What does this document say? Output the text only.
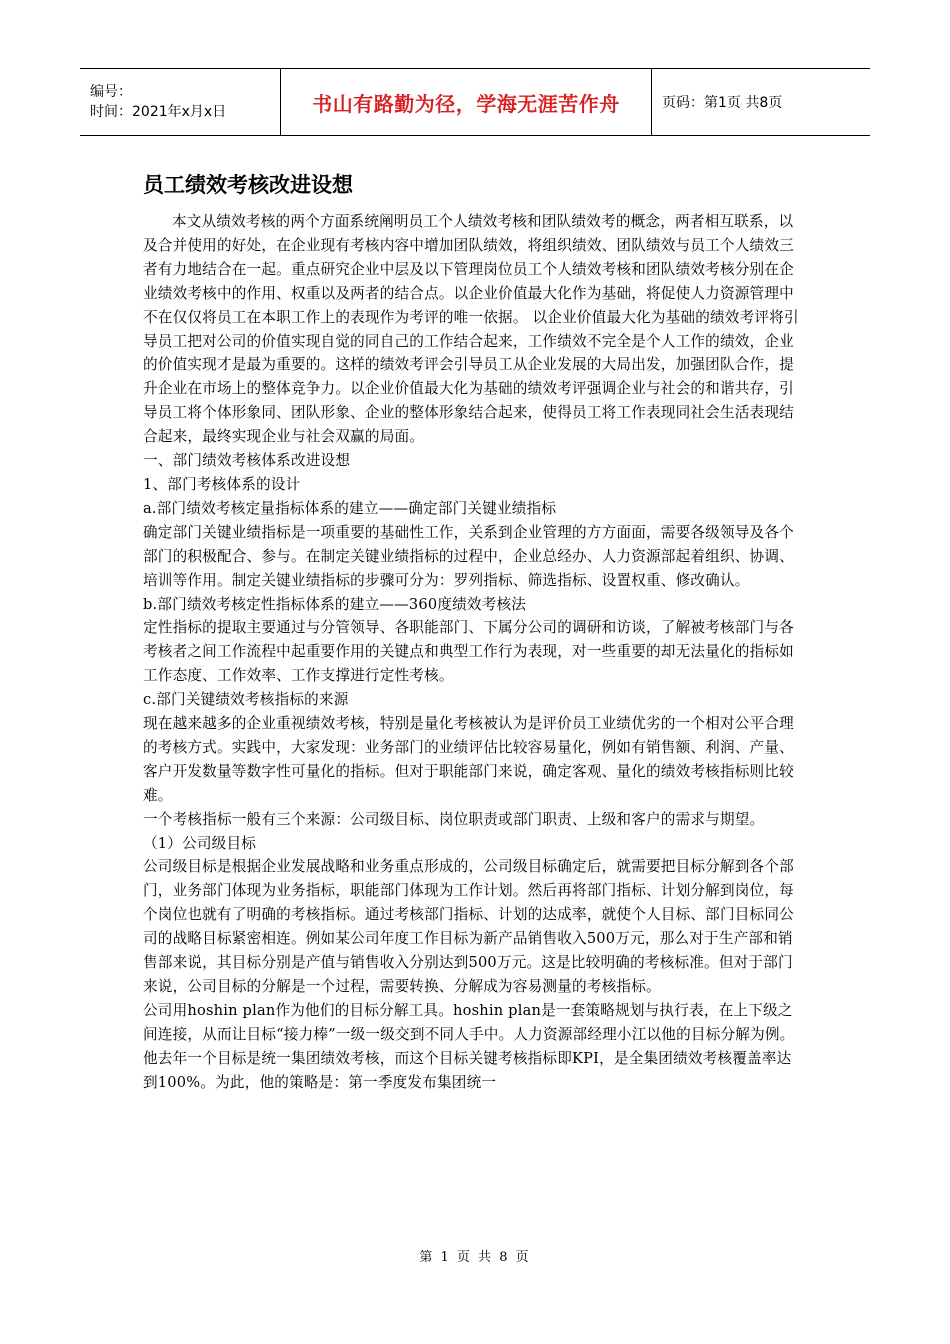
编号：
时间：2021年x月x日	书山有路勤为径，学海无涯苦作舟	页码：第1页 共8页
员工绩效考核改进设想

本文从绩效考核的两个方面系统阐明员工个人绩效考核和团队绩效考的概念，两者相互联系，以及合并使用的好处，在企业现有考核内容中增加团队绩效，将组织绩效、团队绩效与员工个人绩效三者有力地结合在一起。重点研究企业中层及以下管理岗位员工个人绩效考核和团队绩效考核分别在企业绩效考核中的作用、权重以及两者的结合点。以企业价值最大化作为基础，将促使人力资源管理中不在仅仅将员工在本职工作上的表现作为考评的唯一依据。 以企业价值最大化为基础的绩效考评将引导员工把对公司的价值实现自觉的同自己的工作结合起来，工作绩效不完全是个人工作的绩效，企业的价值实现才是最为重要的。这样的绩效考评会引导员工从企业发展的大局出发，加强团队合作，提升企业在市场上的整体竞争力。以企业价值最大化为基础的绩效考评强调企业与社会的和谐共存，引导员工将个体形象同、团队形象、企业的整体形象结合起来，使得员工将工作表现同社会生活表现结合起来，最终实现企业与社会双赢的局面。

一、部门绩效考核体系改进设想

1、部门考核体系的设计

a.部门绩效考核定量指标体系的建立——确定部门关键业绩指标

确定部门关键业绩指标是一项重要的基础性工作，关系到企业管理的方方面面，需要各级领导及各个部门的积极配合、参与。在制定关键业绩指标的过程中，企业总经办、人力资源部起着组织、协调、培训等作用。制定关键业绩指标的步骤可分为：罗列指标、筛选指标、设置权重、修改确认。

b.部门绩效考核定性指标体系的建立——360度绩效考核法

定性指标的提取主要通过与分管领导、各职能部门、下属分公司的调研和访谈，了解被考核部门与各考核者之间工作流程中起重要作用的关键点和典型工作行为表现，对一些重要的却无法量化的指标如工作态度、工作效率、工作支撑进行定性考核。

c.部门关键绩效考核指标的来源

现在越来越多的企业重视绩效考核，特别是量化考核被认为是评价员工业绩优劣的一个相对公平合理的考核方式。实践中，大家发现：业务部门的业绩评估比较容易量化，例如有销售额、利润、产量、客户开发数量等数字性可量化的指标。但对于职能部门来说，确定客观、量化的绩效考核指标则比较难。

一个考核指标一般有三个来源：公司级目标、岗位职责或部门职责、上级和客户的需求与期望。

（1）公司级目标

公司级目标是根据企业发展战略和业务重点形成的，公司级目标确定后，就需要把目标分解到各个部门，业务部门体现为业务指标，职能部门体现为工作计划。然后再将部门指标、计划分解到岗位，每个岗位也就有了明确的考核指标。通过考核部门指标、计划的达成率，就使个人目标、部门目标同公司的战略目标紧密相连。例如某公司年度工作目标为新产品销售收入500万元，那么对于生产部和销售部来说，其目标分别是产值与销售收入分别达到500万元。这是比较明确的考核标准。但对于部门来说，公司目标的分解是一个过程，需要转换、分解成为容易测量的考核指标。

公司用hoshin plan作为他们的目标分解工具。hoshin plan是一套策略规划与执行表，在上下级之间连接，从而让目标“接力棒”一级一级交到不同人手中。人力资源部经理小江以他的目标分解为例。他去年一个目标是统一集团绩效考核，而这个目标关键考核指标即KPI，是全集团绩效考核覆盖率达到100%。为此，他的策略是：第一季度发布集团统一

第 1 页 共 8 页
